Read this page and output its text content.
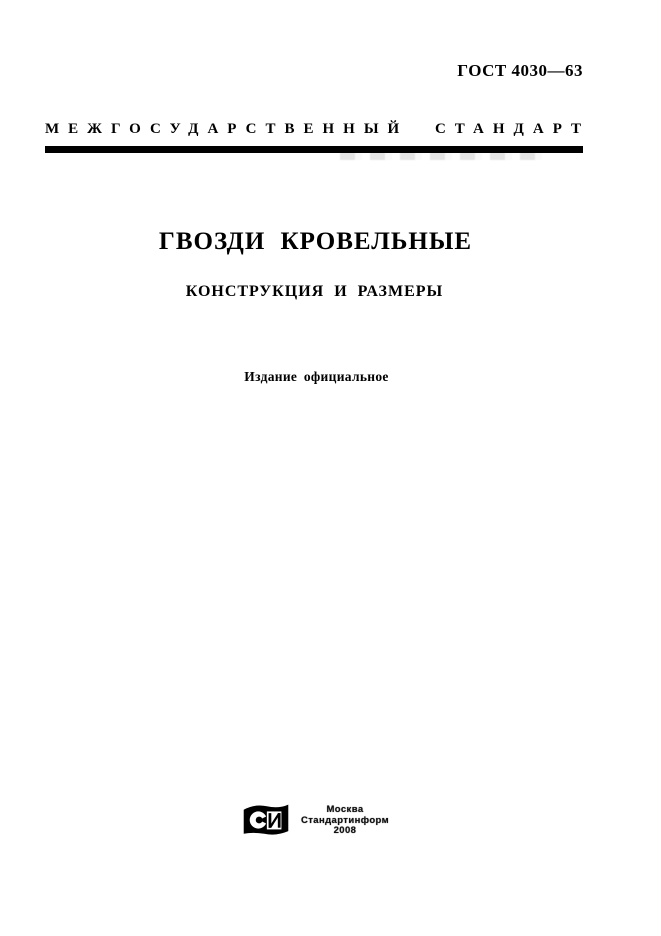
ГОСТ 4030—63
МЕЖГОСУДАРСТВЕННЫЙ СТАНДАРТ
ГВОЗДИ КРОВЕЛЬНЫЕ
КОНСТРУКЦИЯ И РАЗМЕРЫ
Издание официальное
Москва
Стандартинформ
2008
